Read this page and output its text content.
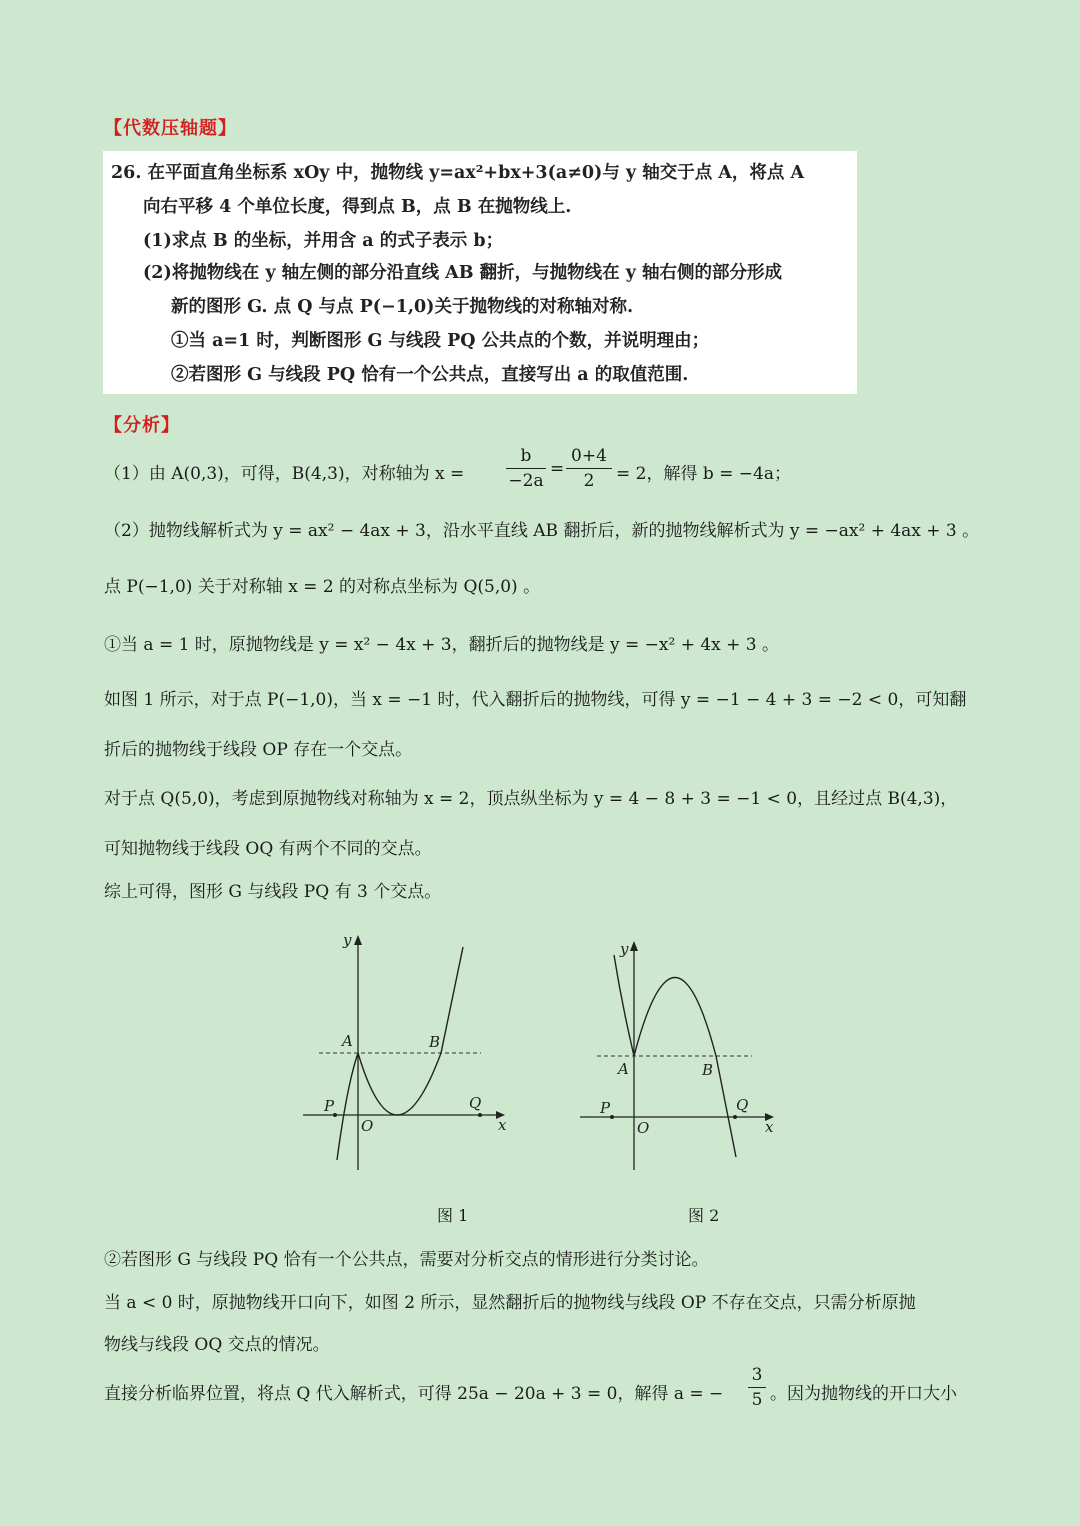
【代数压轴题】
26. 在平面直角坐标系 xOy 中，抛物线 y=ax²+bx+3(a≠0)与 y 轴交于点 A，将点 A
向右平移 4 个单位长度，得到点 B，点 B 在抛物线上.
(1)求点 B 的坐标，并用含 a 的式子表示 b；
(2)将抛物线在 y 轴左侧的部分沿直线 AB 翻折，与抛物线在 y 轴右侧的部分形成
新的图形 G. 点 Q 与点 P(−1,0)关于抛物线的对称轴对称.
①当 a=1 时，判断图形 G 与线段 PQ 公共点的个数，并说明理由；
②若图形 G 与线段 PQ 恰有一个公共点，直接写出 a 的取值范围.
【分析】
（1）由 A(0,3)，可得，B(4,3)，对称轴为 x =
b
−2a
=
0+4
2 = 2，解得 b = −4a；
（2）抛物线解析式为 y = ax² − 4ax + 3，沿水平直线 AB 翻折后，新的抛物线解析式为 y = −ax² + 4ax + 3 。
点 P(−1,0) 关于对称轴 x = 2 的对称点坐标为 Q(5,0) 。
①当 a = 1 时，原抛物线是 y = x² − 4x + 3，翻折后的抛物线是 y = −x² + 4x + 3 。
如图 1 所示，对于点 P(−1,0)，当 x = −1 时，代入翻折后的抛物线，可得 y = −1 − 4 + 3 = −2 < 0，可知翻
折后的抛物线于线段 OP 存在一个交点。
对于点 Q(5,0)，考虑到原抛物线对称轴为 x = 2，顶点纵坐标为 y = 4 − 8 + 3 = −1 < 0，且经过点 B(4,3)，
可知抛物线于线段 OQ 有两个不同的交点。
综上可得，图形 G 与线段 PQ 有 3 个交点。
y
x
A	B
P
O
Q
图 1
y
x
A	B
P
O
Q
图 2
②若图形 G 与线段 PQ 恰有一个公共点，需要对分析交点的情形进行分类讨论。
当 a < 0 时，原抛物线开口向下，如图 2 所示，显然翻折后的抛物线与线段 OP 不存在交点，只需分析原抛
物线与线段 OQ 交点的情况。
直接分析临界位置，将点 Q 代入解析式，可得 25a − 20a + 3 = 0，解得 a = −
3
5 。因为抛物线的开口大小
